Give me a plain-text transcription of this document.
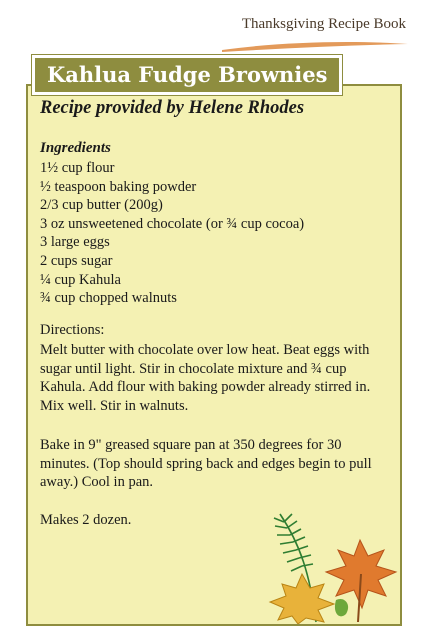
Thanksgiving Recipe Book
Recipe provided by Helene Rhodes
Ingredients
1½ cup flour
½ teaspoon baking powder
2/3 cup butter (200g)
3 oz unsweetened chocolate (or ¾ cup cocoa)
3 large eggs
2 cups sugar
¼ cup Kahula
¾ cup chopped walnuts
Directions:

Melt butter with chocolate over low heat. Beat eggs with sugar until light. Stir in chocolate mixture and ¾ cup Kahula. Add flour with baking powder already stirred in. Mix well. Stir in walnuts.

Bake in 9" greased square pan at 350 degrees for 30 minutes. (Top should spring back and edges begin to pull away.) Cool in pan.

Makes 2 dozen.

Kahlua Fudge Brownies
